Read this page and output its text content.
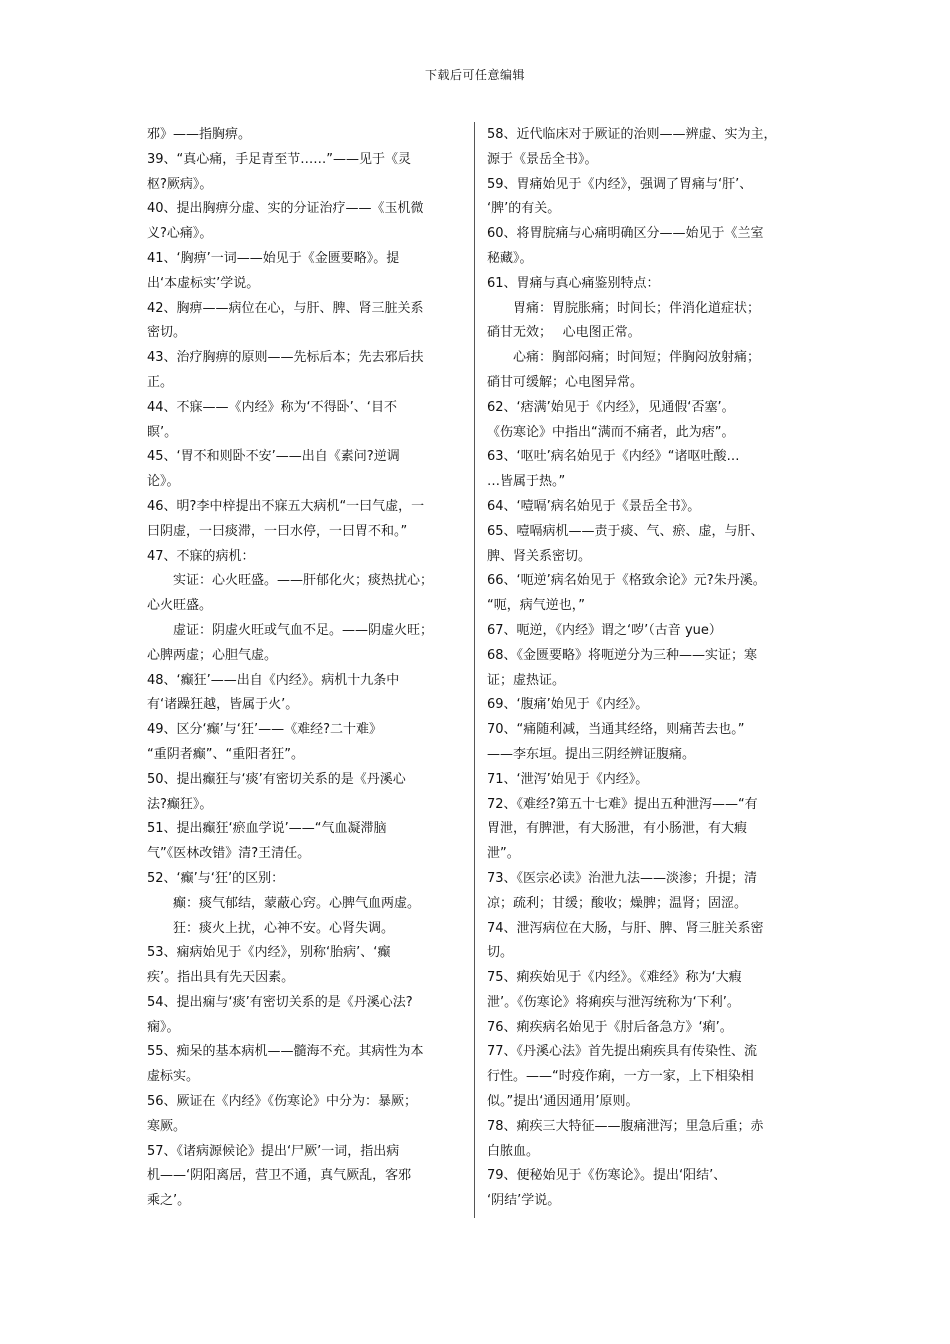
下载后可任意编辑
邪》——指胸痹。
39、“真心痛，手足青至节……”——见于《灵
枢?厥病》。
40、提出胸痹分虚、实的分证治疗——《玉机微
义?心痛》。
41、‘胸痹’一词——始见于《金匮要略》。提
出‘本虚标实’学说。
42、胸痹——病位在心，与肝、脾、肾三脏关系
密切。
43、治疗胸痹的原则——先标后本；先去邪后扶
正。
44、不寐——《内经》称为‘不得卧’、‘目不
瞑’。
45、‘胃不和则卧不安’——出自《素问?逆调
论》。
46、明?李中梓提出不寐五大病机“一曰气虚，一
曰阴虚，一曰痰滞，一曰水停，一曰胃不和。”
47、不寐的病机：
实证：心火旺盛。——肝郁化火；痰热扰心；
心火旺盛。
虚证：阴虚火旺或气血不足。——阴虚火旺；
心脾两虚；心胆气虚。
48、‘癫狂’——出自《内经》。病机十九条中
有‘诸躁狂越，皆属于火’。
49、区分‘癫’与‘狂’——《难经?二十难》
“重阴者癫”、“重阳者狂”。
50、提出癫狂与‘痰’有密切关系的是《丹溪心
法?癫狂》。
51、提出癫狂‘瘀血学说’——“气血凝滞脑
气”《医林改错》清?王清任。
52、‘癫’与‘狂’的区别：
癫：痰气郁结，蒙蔽心窍。心脾气血两虚。
狂：痰火上扰，心神不安。心肾失调。
53、痫病始见于《内经》，别称‘胎病’、‘癫
疾’。指出具有先天因素。
54、提出痫与‘痰’有密切关系的是《丹溪心法?
痫》。
55、痴呆的基本病机——髓海不充。其病性为本
虚标实。
56、厥证在《内经》《伤寒论》中分为：暴厥；
寒厥。
57、《诸病源候论》提出‘尸厥’一词，指出病
机——‘阴阳离居，营卫不通，真气厥乱，客邪
乘之’。
58、近代临床对于厥证的治则——辨虚、实为主，
源于《景岳全书》。
59、胃痛始见于《内经》，强调了胃痛与‘肝’、
‘脾’的有关。
60、将胃脘痛与心痛明确区分——始见于《兰室
秘藏》。
61、胃痛与真心痛鉴别特点：
胃痛：胃脘胀痛；时间长；伴消化道症状；
硝甘无效；　 心电图正常。
心痛：胸部闷痛；时间短；伴胸闷放射痛；
硝甘可缓解；心电图异常。
62、‘痞满’始见于《内经》，见通假‘否塞’。
《伤寒论》中指出“满而不痛者，此为痞”。
63、‘呕吐’病名始见于《内经》“诸呕吐酸…
…皆属于热。”
64、‘噎嗝’病名始见于《景岳全书》。
65、噎嗝病机——责于痰、气、瘀、虚，与肝、
脾、肾关系密切。
66、‘呃逆’病名始见于《格致余论》元?朱丹溪。
“呃，病气逆也，”
67、呃逆，《内经》谓之‘哕’（古音 yue）
68、《金匮要略》将呃逆分为三种——实证；寒
证；虚热证。
69、‘腹痛’始见于《内经》。
70、“痛随利减，当通其经络，则痛苦去也。”
——李东垣。提出三阴经辨证腹痛。
71、‘泄泻’始见于《内经》。
72、《难经?第五十七难》提出五种泄泻——“有
胃泄，有脾泄，有大肠泄，有小肠泄，有大瘕
泄”。
73、《医宗必读》治泄九法——淡渗；升提；清
凉；疏利；甘缓；酸收；燥脾；温肾；固涩。
74、泄泻病位在大肠，与肝、脾、肾三脏关系密
切。
75、痢疾始见于《内经》。《难经》称为‘大瘕
泄’。《伤寒论》将痢疾与泄泻统称为‘下利’。
76、痢疾病名始见于《肘后备急方》‘痢’。
77、《丹溪心法》首先提出痢疾具有传染性、流
行性。——“时疫作痢，一方一家，上下相染相
似。”提出‘通因通用’原则。
78、痢疾三大特征——腹痛泄泻；里急后重；赤
白脓血。
79、便秘始见于《伤寒论》。提出‘阳结’、
‘阴结’学说。
